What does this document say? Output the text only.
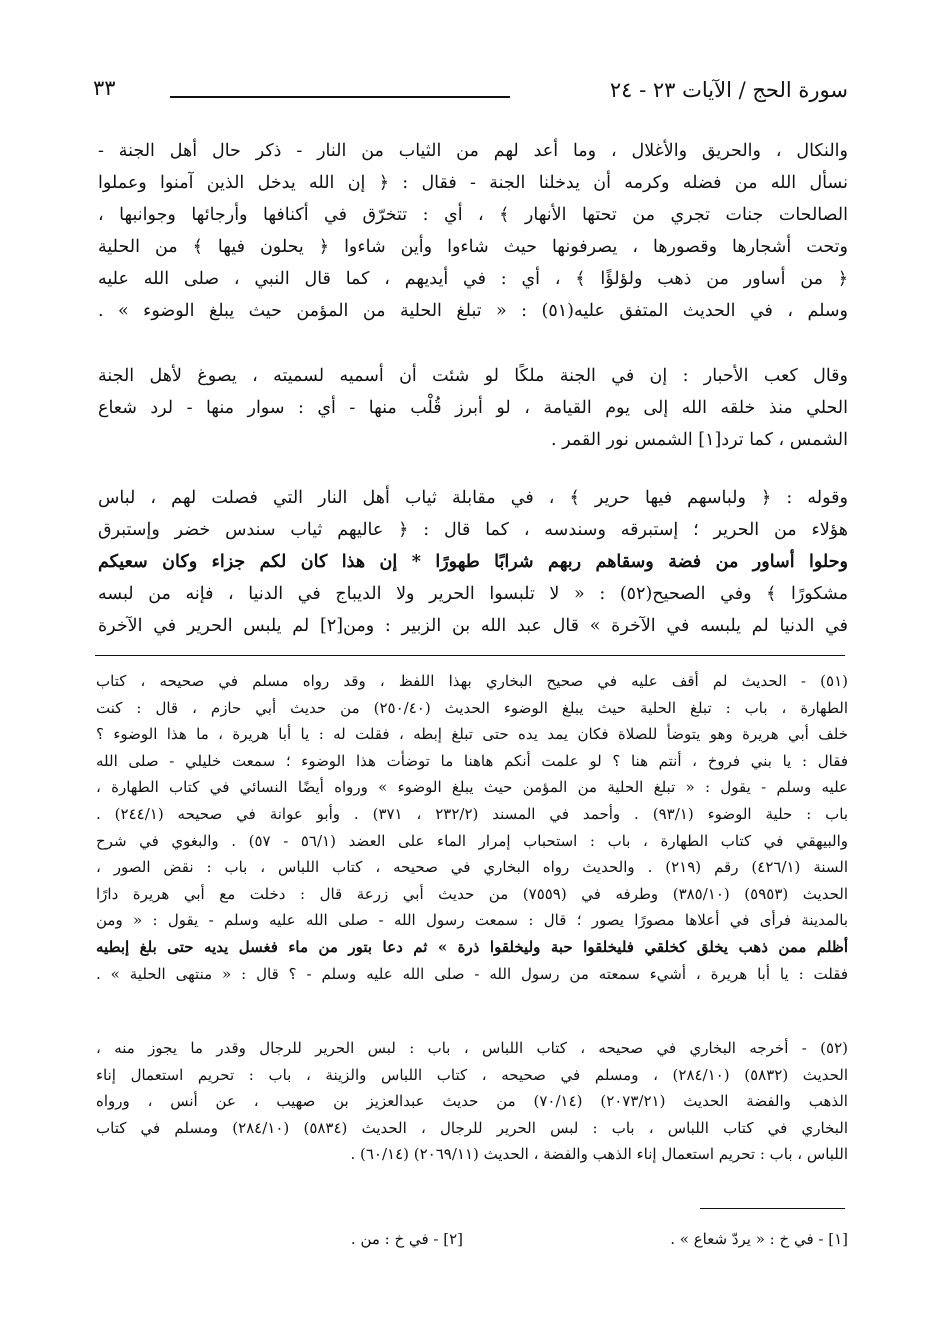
سورة الحج / الآيات ٢٣ - ٢٤
٣٣
والنكال ، والحريق والأغلال ، وما أعد لهم من الثياب من النار - ذكر حال أهل الجنة -
نسأل الله من فضله وكرمه أن يدخلنا الجنة - فقال : ﴿ إن الله يدخل الذين آمنوا وعملوا
الصالحات جنات تجري من تحتها الأنهار ﴾ ، أي : تتخرّق في أكنافها وأرجائها وجوانبها ،
وتحت أشجارها وقصورها ، يصرفونها حيث شاءوا وأين شاءوا ﴿ يحلون فيها ﴾ من الحلية
﴿ من أساور من ذهب ولؤلؤًا ﴾ ، أي : في أيديهم ، كما قال النبي ، صلى الله عليه
وسلم ، في الحديث المتفق عليه(٥١) : « تبلغ الحلية من المؤمن حيث يبلغ الوضوء » .
وقال كعب الأحبار : إن في الجنة ملكًا لو شئت أن أسميه لسميته ، يصوغ لأهل الجنة
الحلي منذ خلقه الله إلى يوم القيامة ، لو أبرز قُلْب منها - أي : سوار منها - لرد شعاع
الشمس ، كما ترد[١] الشمس نور القمر .
وقوله : ﴿ ولباسهم فيها حرير ﴾ ، في مقابلة ثياب أهل النار التي فصلت لهم ، لباس
هؤلاء من الحرير ؛ إستبرقه وسندسه ، كما قال : ﴿ عاليهم ثياب سندس خضر وإستبرق
وحلوا أساور من فضة وسقاهم ربهم شرابًا طهورًا * إن هذا كان لكم جزاء وكان سعيكم
مشكورًا ﴾ وفي الصحيح(٥٢) : « لا تلبسوا الحرير ولا الديباج في الدنيا ، فإنه من لبسه
في الدنيا لم يلبسه في الآخرة » قال عبد الله بن الزبير : ومن[٢] لم يلبس الحرير في الآخرة
(٥١) - الحديث لم أقف عليه في صحيح البخاري بهذا اللفظ ، وقد رواه مسلم في صحيحه ، كتاب
الطهارة ، باب : تبلغ الحلية حيث يبلغ الوضوء الحديث (٢٥٠/٤٠) من حديث أبي حازم ، قال : كنت
خلف أبي هريرة وهو يتوضأ للصلاة فكان يمد يده حتى تبلغ إبطه ، فقلت له : يا أبا هريرة ، ما هذا الوضوء ؟
فقال : يا بني فروخ ، أنتم هنا ؟ لو علمت أنكم هاهنا ما توضأت هذا الوضوء ؛ سمعت خليلي - صلى الله
عليه وسلم - يقول : « تبلغ الحلية من المؤمن حيث يبلغ الوضوء » ورواه أيضًا النسائي في كتاب الطهارة ،
باب : حلية الوضوء (٩٣/١) . وأحمد في المسند (٢٣٢/٢ ، ٣٧١) . وأبو عوانة في صحيحه (٢٤٤/١) .
والبيهقي في كتاب الطهارة ، باب : استحباب إمرار الماء على العضد (٥٦/١ - ٥٧) . والبغوي في شرح
السنة (٤٢٦/١) رقم (٢١٩) . والحديث رواه البخاري في صحيحه ، كتاب اللباس ، باب : نقض الصور ،
الحديث (٥٩٥٣) (٣٨٥/١٠) وطرفه في (٧٥٥٩) من حديث أبي زرعة قال : دخلت مع أبي هريرة دارًا
بالمدينة فرأى في أعلاها مصورًا يصور ؛ قال : سمعت رسول الله - صلى الله عليه وسلم - يقول : « ومن
أظلم ممن ذهب يخلق كخلقي فليخلقوا حبة وليخلقوا ذرة » ثم دعا بتور من ماء فغسل يديه حتى بلغ إبطيه
فقلت : يا أبا هريرة ، أشيء سمعته من رسول الله - صلى الله عليه وسلم - ؟ قال : « منتهى الحلية » .
(٥٢) - أخرجه البخاري في صحيحه ، كتاب اللباس ، باب : لبس الحرير للرجال وقدر ما يجوز منه ،
الحديث (٥٨٣٢) (٢٨٤/١٠) ، ومسلم في صحيحه ، كتاب اللباس والزينة ، باب : تحريم استعمال إناء
الذهب والفضة الحديث (٢٠٧٣/٢١) (٧٠/١٤) من حديث عبدالعزيز بن صهيب ، عن أنس ، ورواه
البخاري في كتاب اللباس ، باب : لبس الحرير للرجال ، الحديث (٥٨٣٤) (٢٨٤/١٠) ومسلم في كتاب
اللباس ، باب : تحريم استعمال إناء الذهب والفضة ، الحديث (٢٠٦٩/١١) (٦٠/١٤) .
[١] - في خ : « يردّ شعاع » .
[٢] - في خ : من .
